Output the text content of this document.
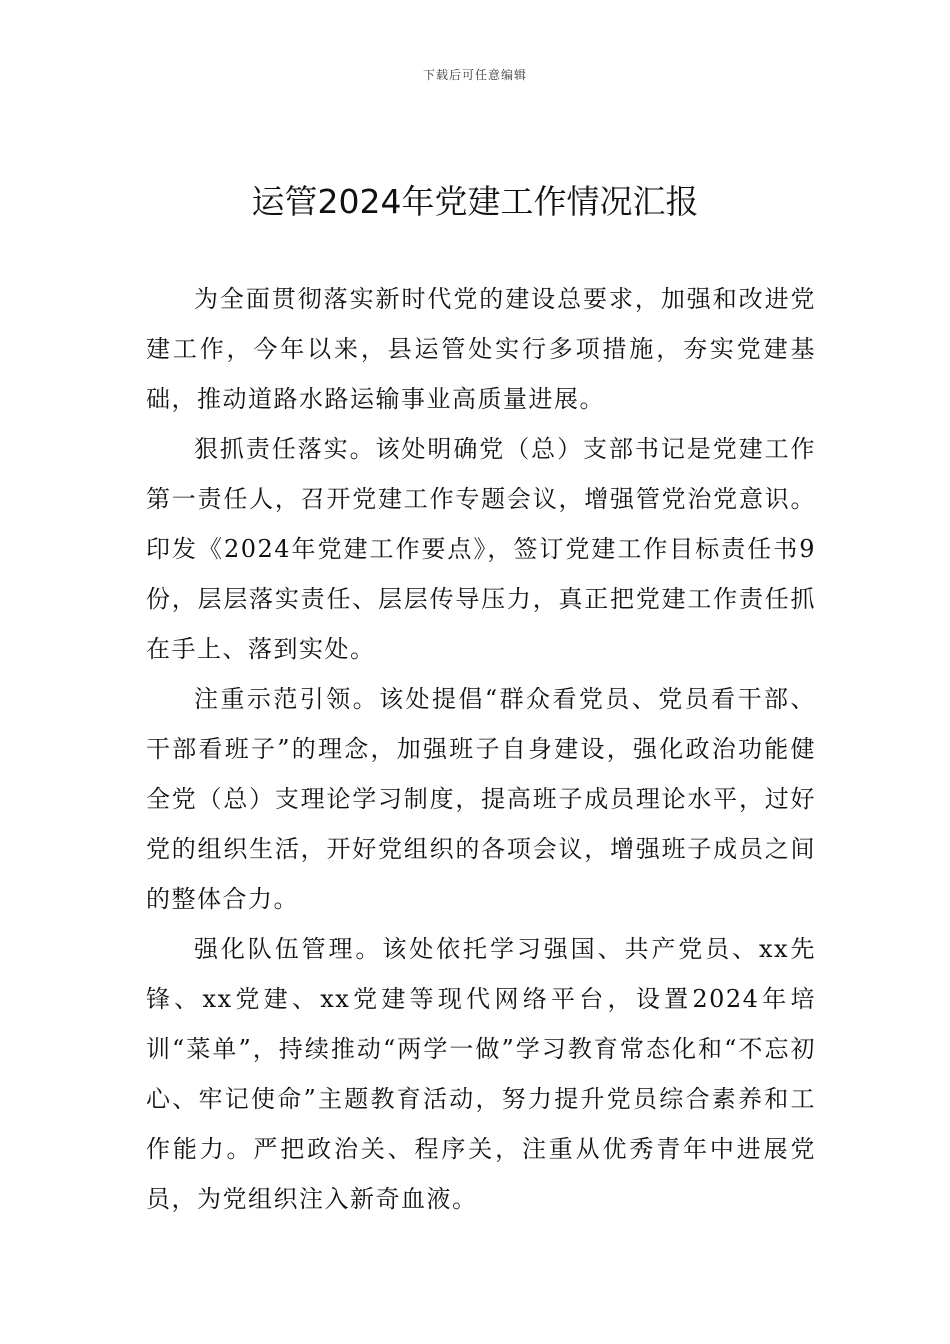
下载后可任意编辑
运管2024年党建工作情况汇报

为全面贯彻落实新时代党的建设总要求，加强和改进党建工作，今年以来，县运管处实行多项措施，夯实党建基础，推动道路水路运输事业高质量进展。

狠抓责任落实。该处明确党（总）支部书记是党建工作第一责任人，召开党建工作专题会议，增强管党治党意识。印发《2024年党建工作要点》，签订党建工作目标责任书9份，层层落实责任、层层传导压力，真正把党建工作责任抓在手上、落到实处。

注重示范引领。该处提倡“群众看党员、党员看干部、干部看班子”的理念，加强班子自身建设，强化政治功能健全党（总）支理论学习制度，提高班子成员理论水平，过好党的组织生活，开好党组织的各项会议，增强班子成员之间的整体合力。

强化队伍管理。该处依托学习强国、共产党员、xx先锋、xx党建、xx党建等现代网络平台，设置2024年培训“菜单”，持续推动“两学一做”学习教育常态化和“不忘初心、牢记使命”主题教育活动，努力提升党员综合素养和工作能力。严把政治关、程序关，注重从优秀青年中进展党员，为党组织注入新奇血液。
